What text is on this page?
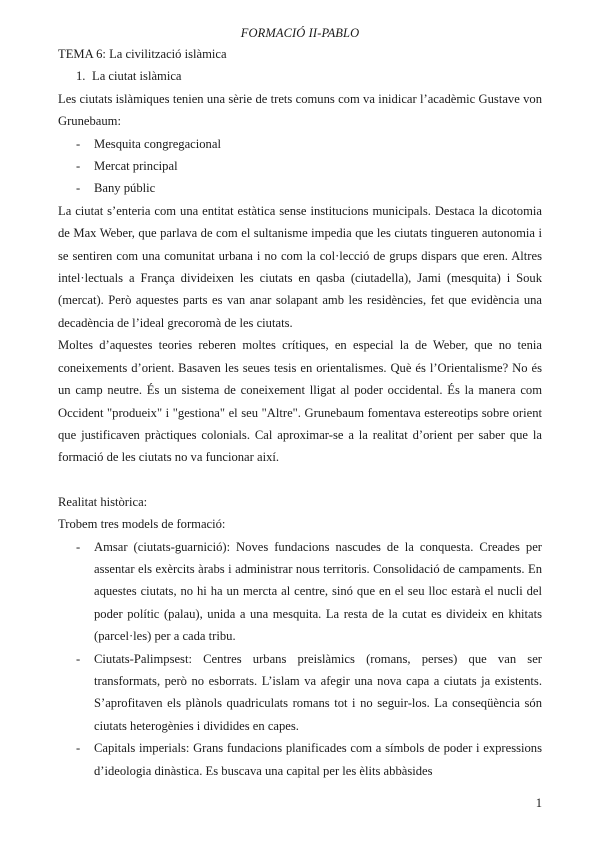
FORMACIÓ II-PABLO

TEMA 6: La civilització islàmica

1. La ciutat islàmica

Les ciutats islàmiques tenien una sèrie de trets comuns com va inidicar l’acadèmic Gustave von Grunebaum:

-	Mesquita congregacional
-	Mercat principal
-	Bany públic

La ciutat s’enteria com una entitat estàtica sense institucions municipals. Destaca la dicotomia de Max Weber, que parlava de com el sultanisme impedia que les ciutats tingueren autonomia i se sentiren com una comunitat urbana i no com la col·lecció de grups dispars que eren. Altres intel·lectuals a França divideixen les ciutats en qasba (ciutadella), Jami (mesquita) i Souk (mercat). Però aquestes parts es van anar solapant amb les residències, fet que evidència una decadència de l’ideal grecoromà de les ciutats.

Moltes d’aquestes teories reberen moltes crítiques, en especial la de Weber, que no tenia coneixements d’orient. Basaven les seues tesis en orientalismes. Què és l’Orientalisme? No és un camp neutre. És un sistema de coneixement lligat al poder occidental. És la manera com Occident "produeix" i "gestiona" el seu "Altre". Grunebaum fomentava estereotips sobre orient que justificaven pràctiques colonials. Cal aproximar-se a la realitat d’orient per saber que la formació de les ciutats no va funcionar així.

Realitat històrica:

Trobem tres models de formació:

-	Amsar (ciutats-guarnició): Noves fundacions nascudes de la conquesta. Creades per assentar els exèrcits àrabs i administrar nous territoris. Consolidació de campaments. En aquestes ciutats, no hi ha un mercta al centre, sinó que en el seu lloc estarà el nucli del poder polític (palau), unida a una mesquita. La resta de la cutat es divideix en khitats (parcel·les) per a cada tribu.
-	Ciutats-Palimpsest: Centres urbans preislàmics (romans, perses) que van ser transformats, però no esborrats. L’islam va afegir una nova capa a ciutats ja existents. S’aprofitaven els plànols quadriculats romans tot i no seguir-los. La conseqüència són ciutats heterogènies i dividides en capes.
-	Capitals imperials: Grans fundacions planificades com a símbols de poder i expressions d’ideologia dinàstica. Es buscava una capital per les èlits abbàsides
1
